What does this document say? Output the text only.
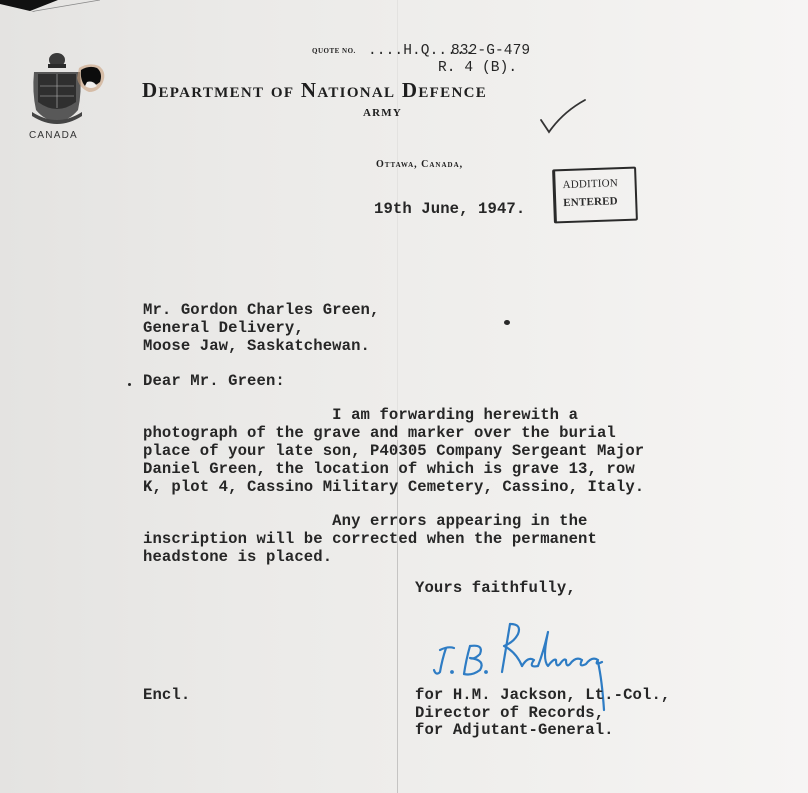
CANADA
QUOTE NO. ....H.Q.....
832-G-479
R. 4 (B).
Department of National Defence
ARMY
Ottawa, Canada,
19th June, 1947.
ADDITION
ENTERED
Mr. Gordon Charles Green,
General Delivery,
Moose Jaw, Saskatchewan.
Dear Mr. Green:
I am forwarding herewith a
photograph of the grave and marker over the burial
place of your late son, P40305 Company Sergeant Major
Daniel Green, the location of which is grave 13, row
K, plot 4, Cassino Military Cemetery, Cassino, Italy.
Any errors appearing in the
inscription will be corrected when the permanent
headstone is placed.
Yours faithfully,
Encl.	for H.M. Jackson, Lt.-Col.,
Director of Records,
for Adjutant-General.
